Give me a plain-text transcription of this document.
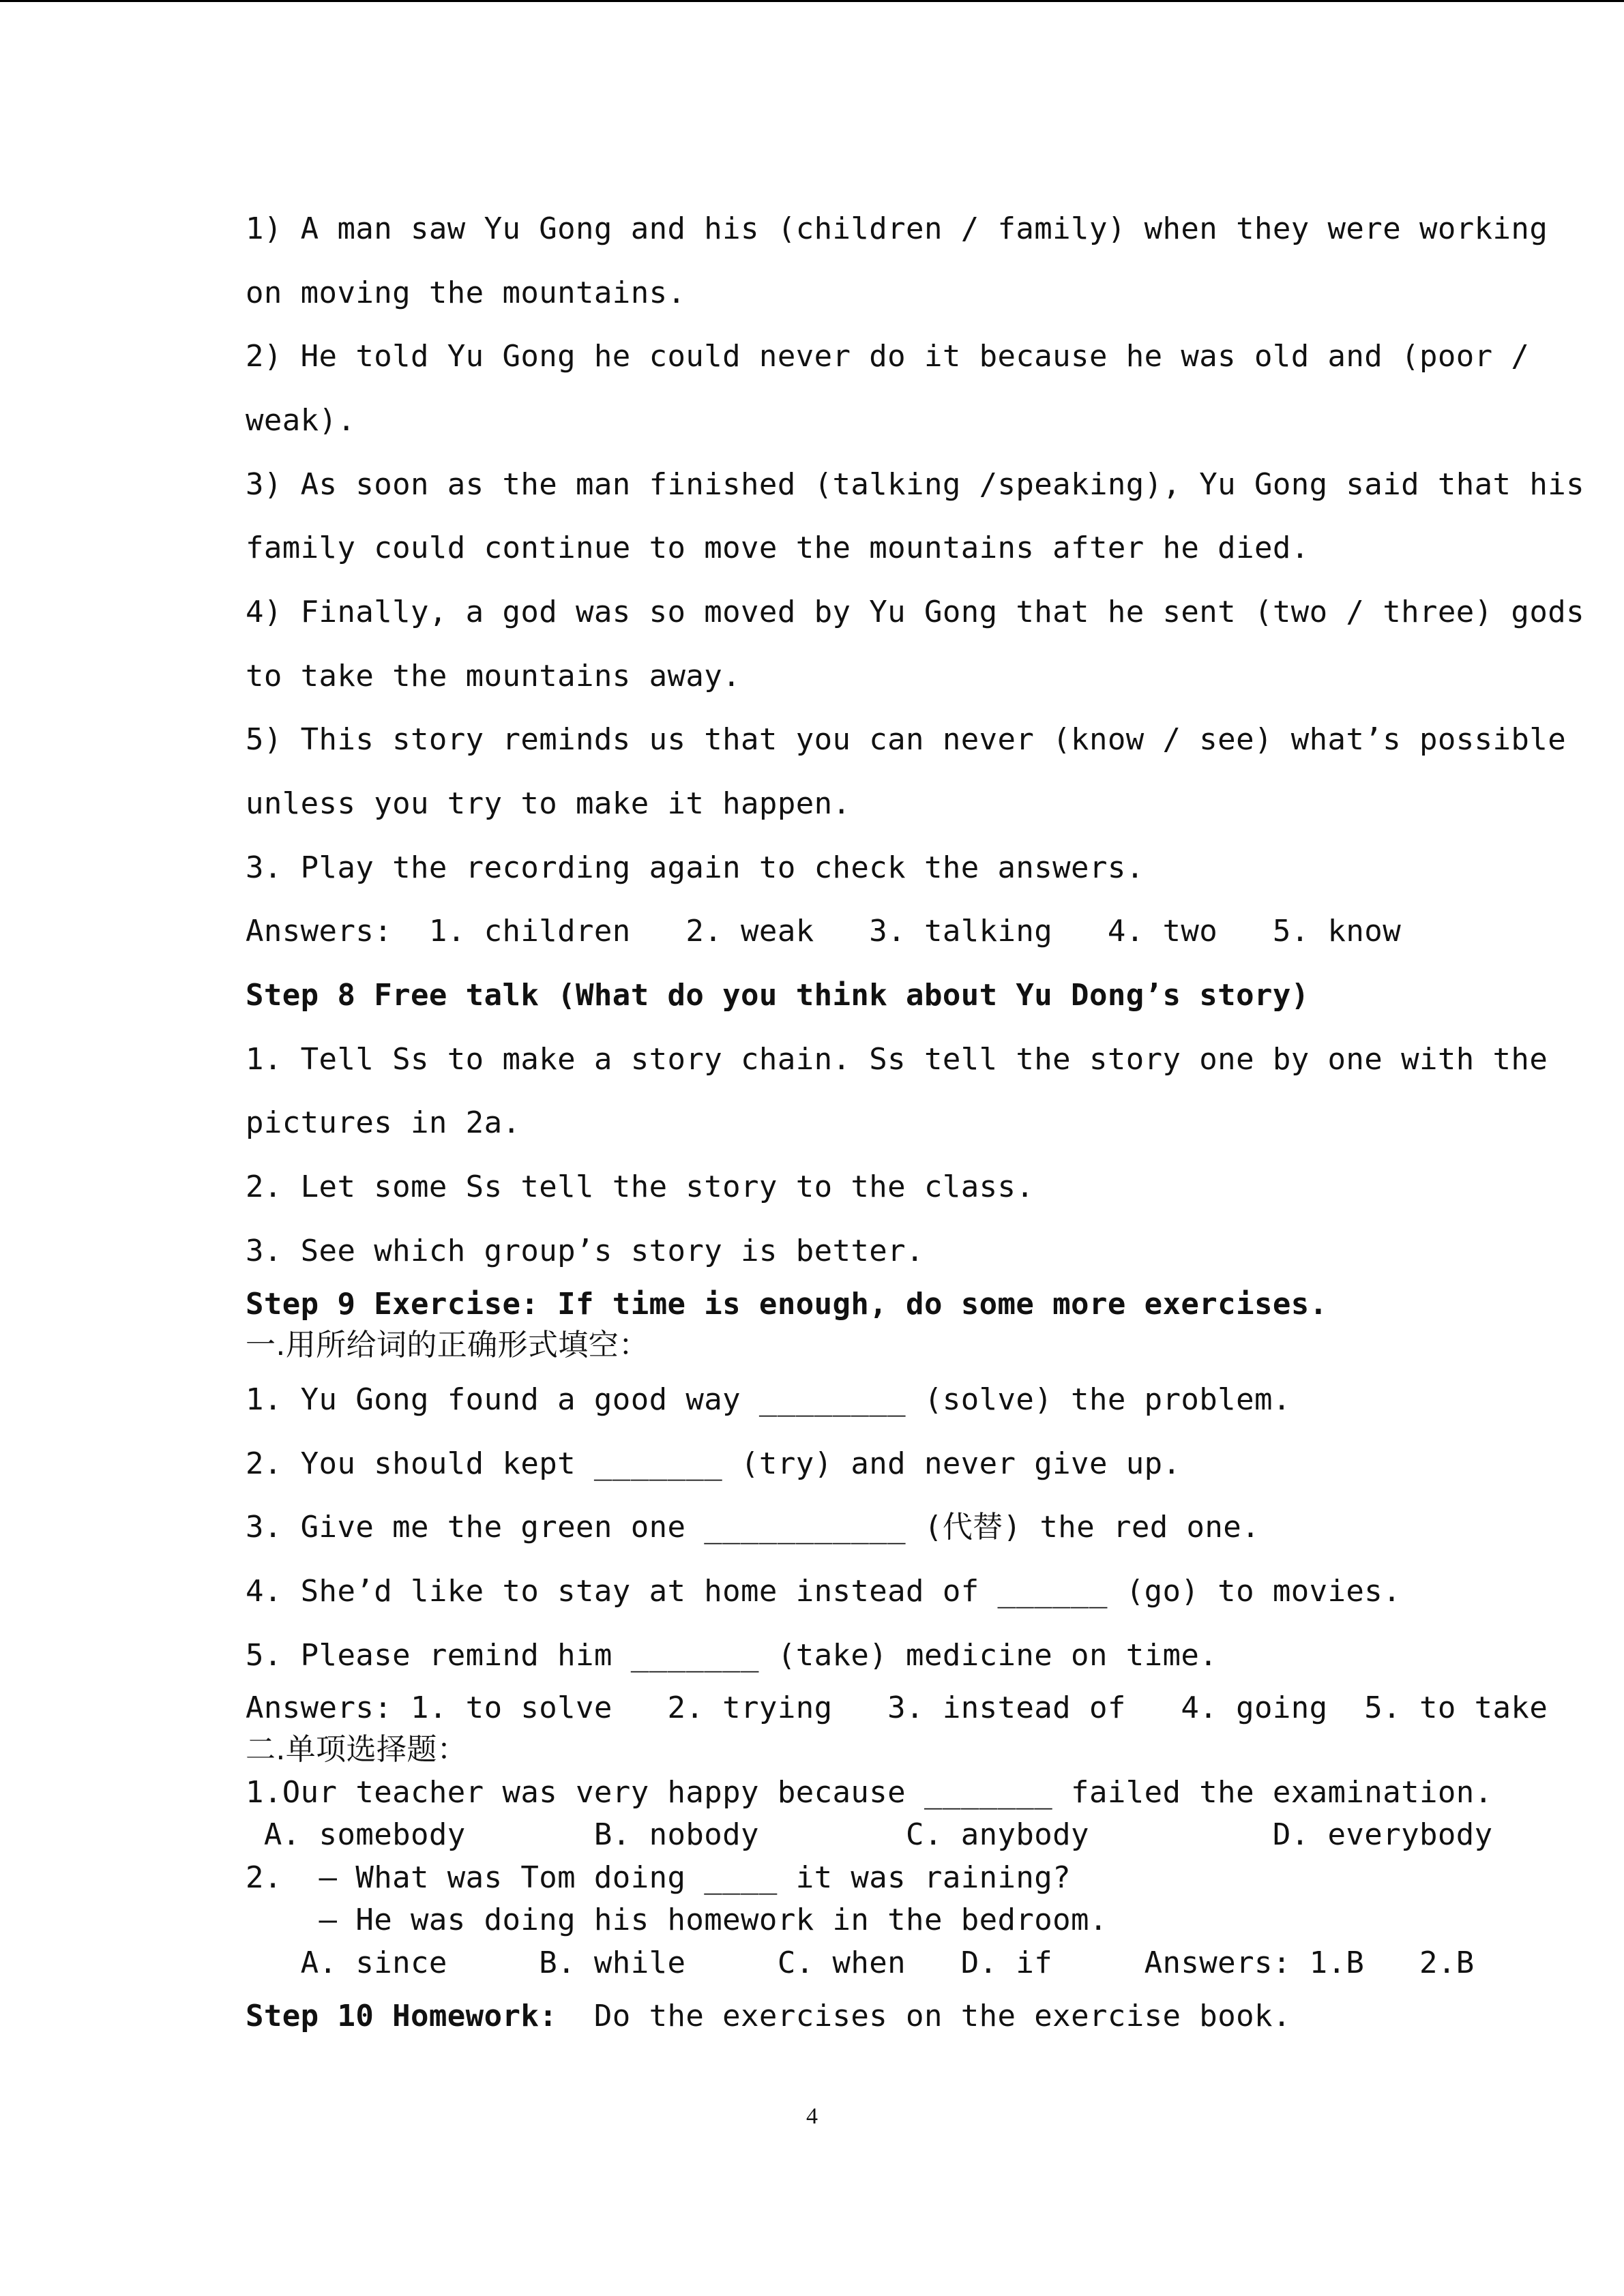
1) A man saw Yu Gong and his (children / family) when they were working
on moving the mountains.
2) He told Yu Gong he could never do it because he was old and (poor /
weak).
3) As soon as the man finished (talking /speaking), Yu Gong said that his
family could continue to move the mountains after he died.
4) Finally, a god was so moved by Yu Gong that he sent (two / three) gods
to take the mountains away.
5) This story reminds us that you can never (know / see) what’s possible
unless you try to make it happen.
3. Play the recording again to check the answers.
Answers:  1. children   2. weak   3. talking   4. two   5. know
Step 8 Free talk (What do you think about Yu Dong’s story)
1. Tell Ss to make a story chain. Ss tell the story one by one with the
pictures in 2a.
2. Let some Ss tell the story to the class.
3. See which group’s story is better.
Step 9 Exercise: If time is enough, do some more exercises.
一.用所给词的正确形式填空：
1. Yu Gong found a good way ________ (solve) the problem.
2. You should kept _______ (try) and never give up.
3. Give me the green one ___________ (代替) the red one.
4. She’d like to stay at home instead of ______ (go) to movies.
5. Please remind him _______ (take) medicine on time.
Answers: 1. to solve   2. trying   3. instead of   4. going  5. to take
二.单项选择题：
1.Our teacher was very happy because _______ failed the examination.
A. somebody       B. nobody        C. anybody          D. everybody
2.  — What was Tom doing ____ it was raining?
— He was doing his homework in the bedroom.
A. since     B. while     C. when   D. if     Answers: 1.B   2.B
Step 10 Homework:  Do the exercises on the exercise book.
4
